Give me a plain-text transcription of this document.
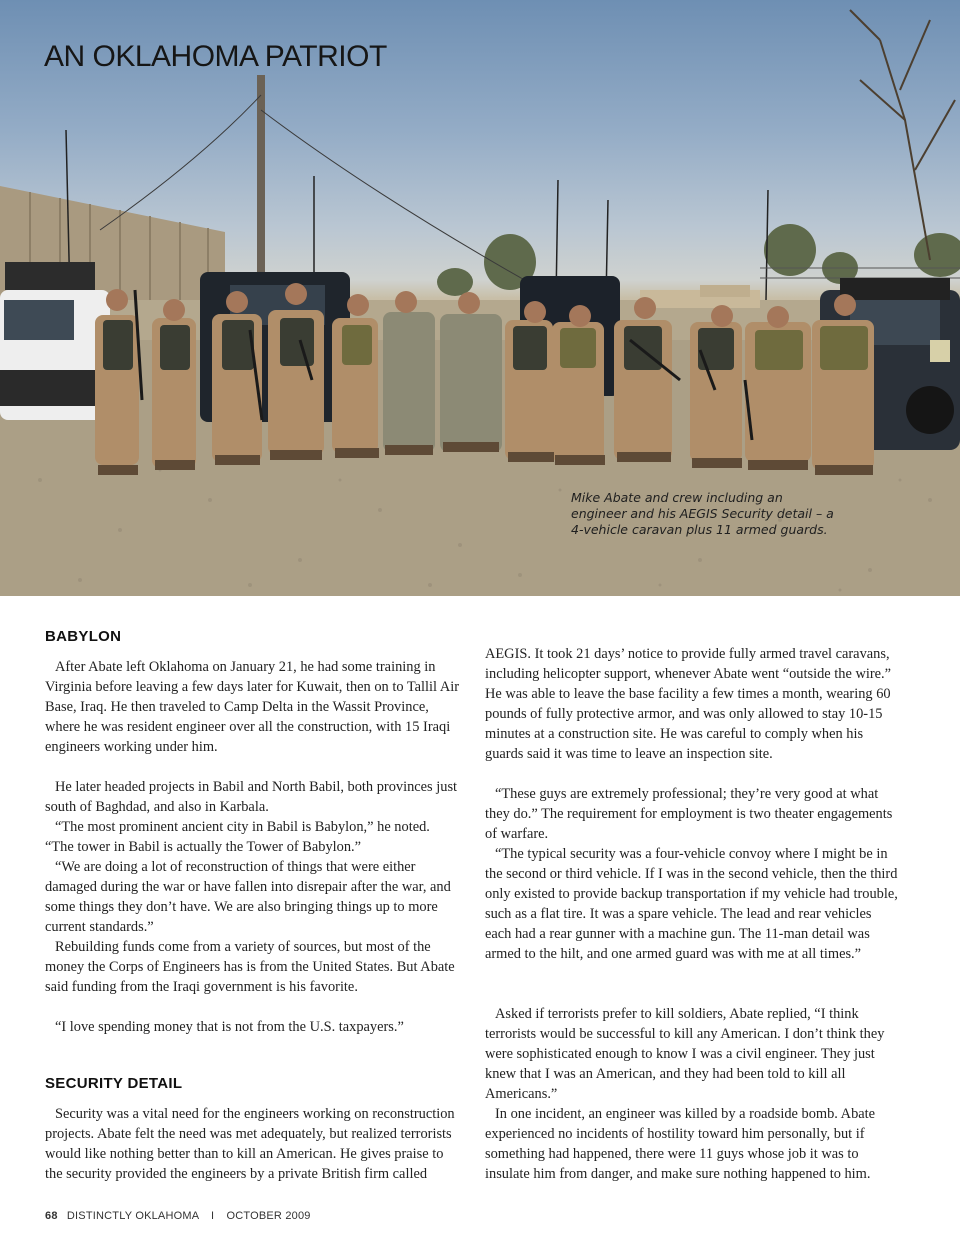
AN OKLAHOMA PATRIOT
Mike Abate and crew including an engineer and his AEGIS Security detail – a 4-vehicle caravan plus 11 armed guards.
BABYLON

After Abate left Oklahoma on January 21, he had some training in Virginia before leaving a few days later for Kuwait, then on to Tallil Air Base, Iraq. He then traveled to Camp Delta in the Wassit Province, where he was resident engineer over all the construction, with 15 Iraqi engineers working under him.

He later headed projects in Babil and North Babil, both provinces just south of Baghdad, and also in Karbala.

“The most prominent ancient city in Babil is Babylon,” he noted. “The tower in Babil is actually the Tower of Babylon.”

“We are doing a lot of reconstruction of things that were either damaged during the war or have fallen into disrepair after the war, and some things they don’t have. We are also bringing things up to more current standards.”

Rebuilding funds come from a variety of sources, but most of the money the Corps of Engineers has is from the United States. But Abate said funding from the Iraqi government is his favorite.

“I love spending money that is not from the U.S. taxpayers.”

SECURITY DETAIL

Security was a vital need for the engineers working on reconstruction projects. Abate felt the need was met adequately, but realized terrorists would like nothing better than to kill an American. He gives praise to the security provided the engineers by a private British firm called

AEGIS. It took 21 days’ notice to provide fully armed travel caravans, including helicopter support, whenever Abate went “outside the wire.” He was able to leave the base facility a few times a month, wearing 60 pounds of fully protective armor, and was only allowed to stay 10-15 minutes at a construction site. He was careful to comply when his guards said it was time to leave an inspection site.

“These guys are extremely professional; they’re very good at what they do.” The requirement for employment is two theater engagements of warfare.

“The typical security was a four-vehicle convoy where I might be in the second or third vehicle. If I was in the second vehicle, then the third only existed to provide backup transportation if my vehicle had trouble, such as a flat tire. It was a spare vehicle. The lead and rear vehicles each had a rear gunner with a machine gun. The 11-man detail was armed to the hilt, and one armed guard was with me at all times.”

Asked if terrorists prefer to kill soldiers, Abate replied, “I think terrorists would be successful to kill any American. I don’t think they were sophisticated enough to know I was a civil engineer. They just knew that I was an American, and they had been told to kill all Americans.”

In one incident, an engineer was killed by a roadside bomb. Abate experienced no incidents of hostility toward him personally, but if something had happened, there were 11 guys whose job it was to insulate him from danger, and make sure nothing happened to him.

68 DISTINCTLY OKLAHOMA I OCTOBER 2009
